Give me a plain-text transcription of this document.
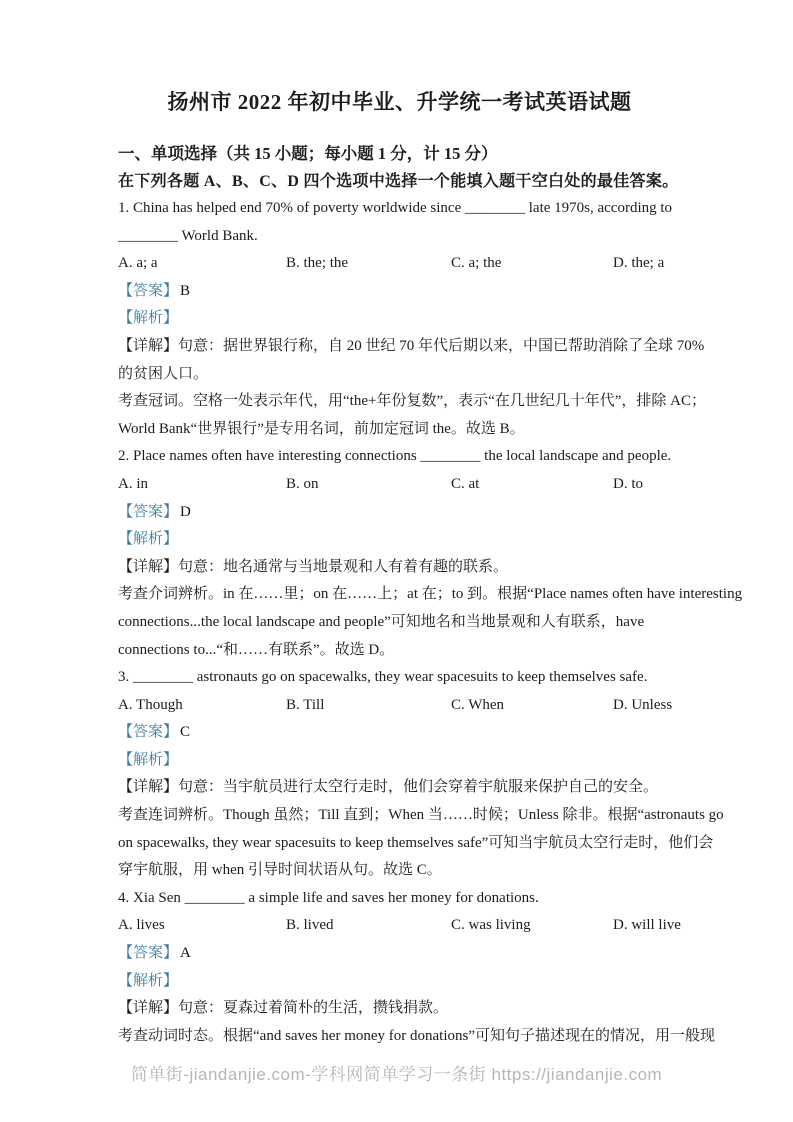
扬州市 2022 年初中毕业、升学统一考试英语试题
一、单项选择（共 15 小题；每小题 1 分，计 15 分）
在下列各题 A、B、C、D 四个选项中选择一个能填入题干空白处的最佳答案。
1. China has helped end 70% of poverty worldwide since ________ late 1970s, according to
________ World Bank.
A. a; a	B. the; the	C. a; the	D. the; a
【答案】 B
【解析】
【详解】句意：据世界银行称，自 20 世纪 70 年代后期以来，中国已帮助消除了全球 70%
的贫困人口。
考查冠词。空格一处表示年代，用“the+年份复数”，表示“在几世纪几十年代”，排除 AC；
World Bank“世界银行”是专用名词，前加定冠词 the。故选 B。
2. Place names often have interesting connections ________ the local landscape and people.
A. in	B. on	C. at	D. to
【答案】 D
【解析】
【详解】句意：地名通常与当地景观和人有着有趣的联系。
考查介词辨析。in 在……里；on 在……上；at 在；to 到。根据“Place names often have interesting
connections...the local landscape and people”可知地名和当地景观和人有联系，have
connections to...“和……有联系”。故选 D。
3. ________ astronauts go on spacewalks, they wear spacesuits to keep themselves safe.
A. Though	B. Till	C. When	D. Unless
【答案】 C
【解析】
【详解】句意：当宇航员进行太空行走时，他们会穿着宇航服来保护自己的安全。
考查连词辨析。Though 虽然；Till 直到；When 当……时候；Unless 除非。根据“astronauts go
on spacewalks, they wear spacesuits to keep themselves safe”可知当宇航员太空行走时，他们会
穿宇航服，用 when 引导时间状语从句。故选 C。
4. Xia Sen ________ a simple life and saves her money for donations.
A. lives	B. lived	C. was living	D. will live
【答案】 A
【解析】
【详解】句意：夏森过着简朴的生活，攒钱捐款。
考查动词时态。根据“and saves her money for donations”可知句子描述现在的情况，用一般现
简单街-jiandanjie.com-学科网简单学习一条街 https://jiandanjie.com
